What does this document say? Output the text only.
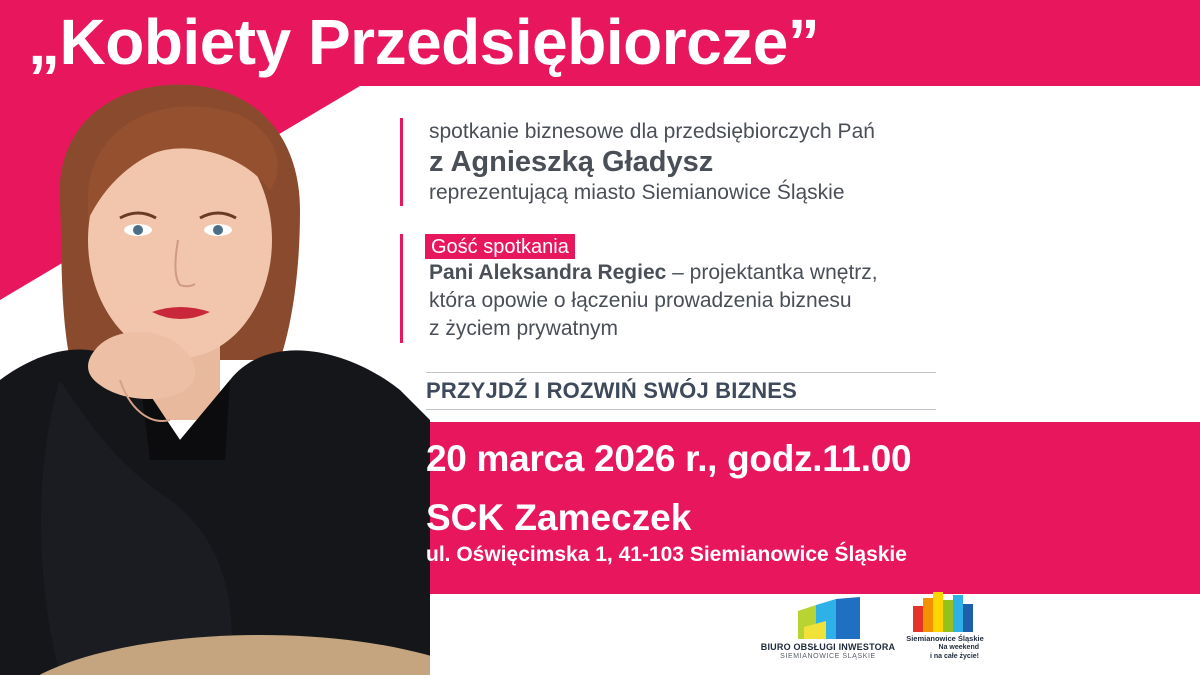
„Kobiety Przedsiębiorcze”
spotkanie biznesowe dla przedsiębiorczych Pań
z Agnieszką Gładysz
reprezentującą miasto Siemianowice Śląskie
Gość spotkania
Pani Aleksandra Regiec – projektantka wnętrz,
która opowie o łączeniu prowadzenia biznesu
z życiem prywatnym
PRZYJDŹ I ROZWIŃ SWÓJ BIZNES
20 marca 2026 r., godz.11.00
SCK Zameczek
ul. Oświęcimska 1, 41-103 Siemianowice Śląskie
BIURO OBSŁUGI INWESTORA
SIEMIANOWICE ŚLĄSKIE
Siemianowice Śląskie
Na weekend
i na całe życie!
